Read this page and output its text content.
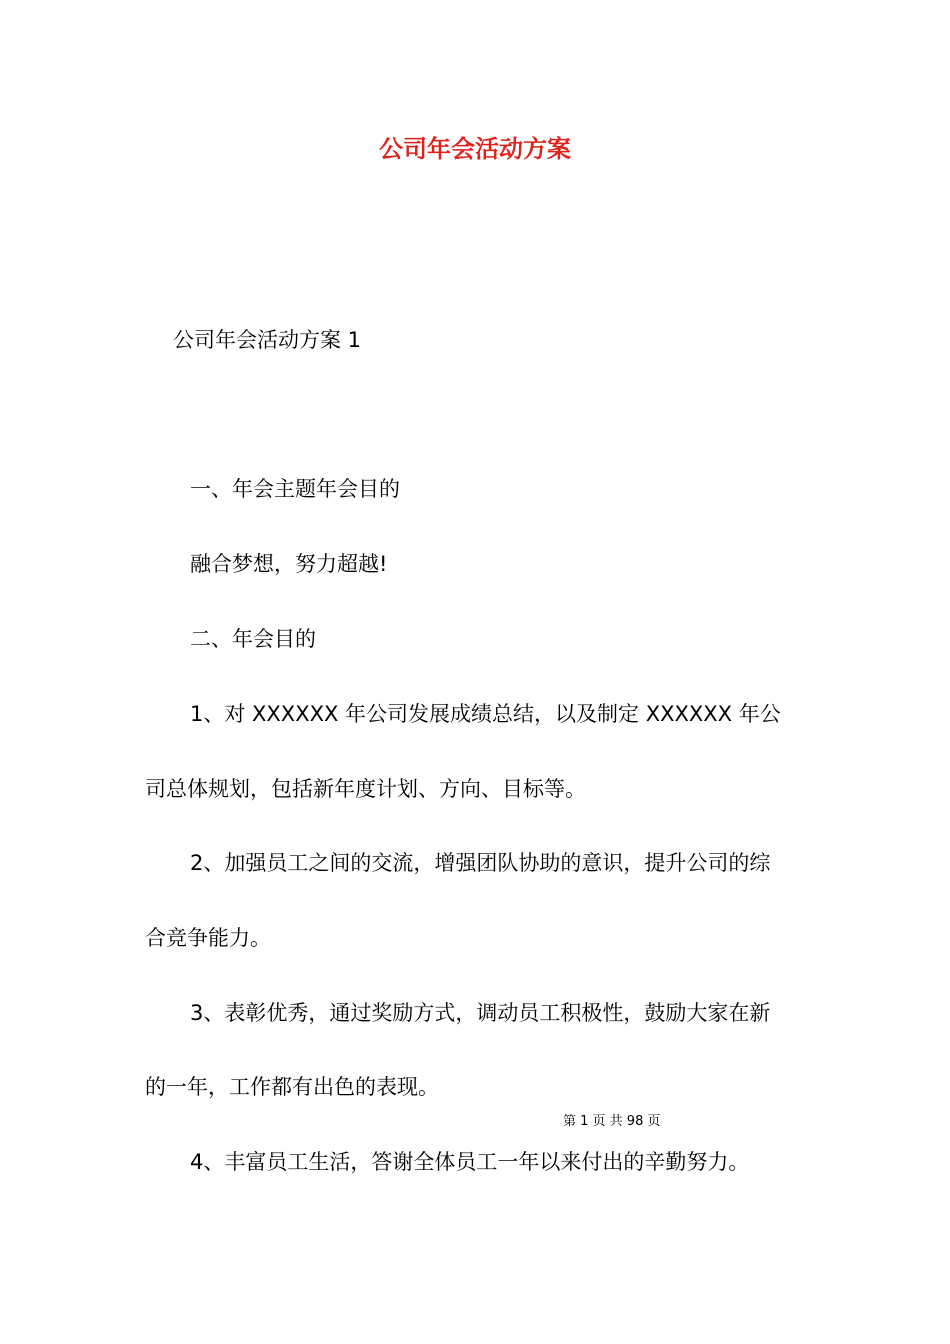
公司年会活动方案
公司年会活动方案 1
一、年会主题年会目的
融合梦想，努力超越!
二、年会目的
1、对 XXXXXX 年公司发展成绩总结，以及制定 XXXXXX 年公
司总体规划，包括新年度计划、方向、目标等。
2、加强员工之间的交流，增强团队协助的意识，提升公司的综
合竞争能力。
3、表彰优秀，通过奖励方式，调动员工积极性，鼓励大家在新
的一年，工作都有出色的表现。
第 1 页 共 98 页
4、丰富员工生活，答谢全体员工一年以来付出的辛勤努力。
